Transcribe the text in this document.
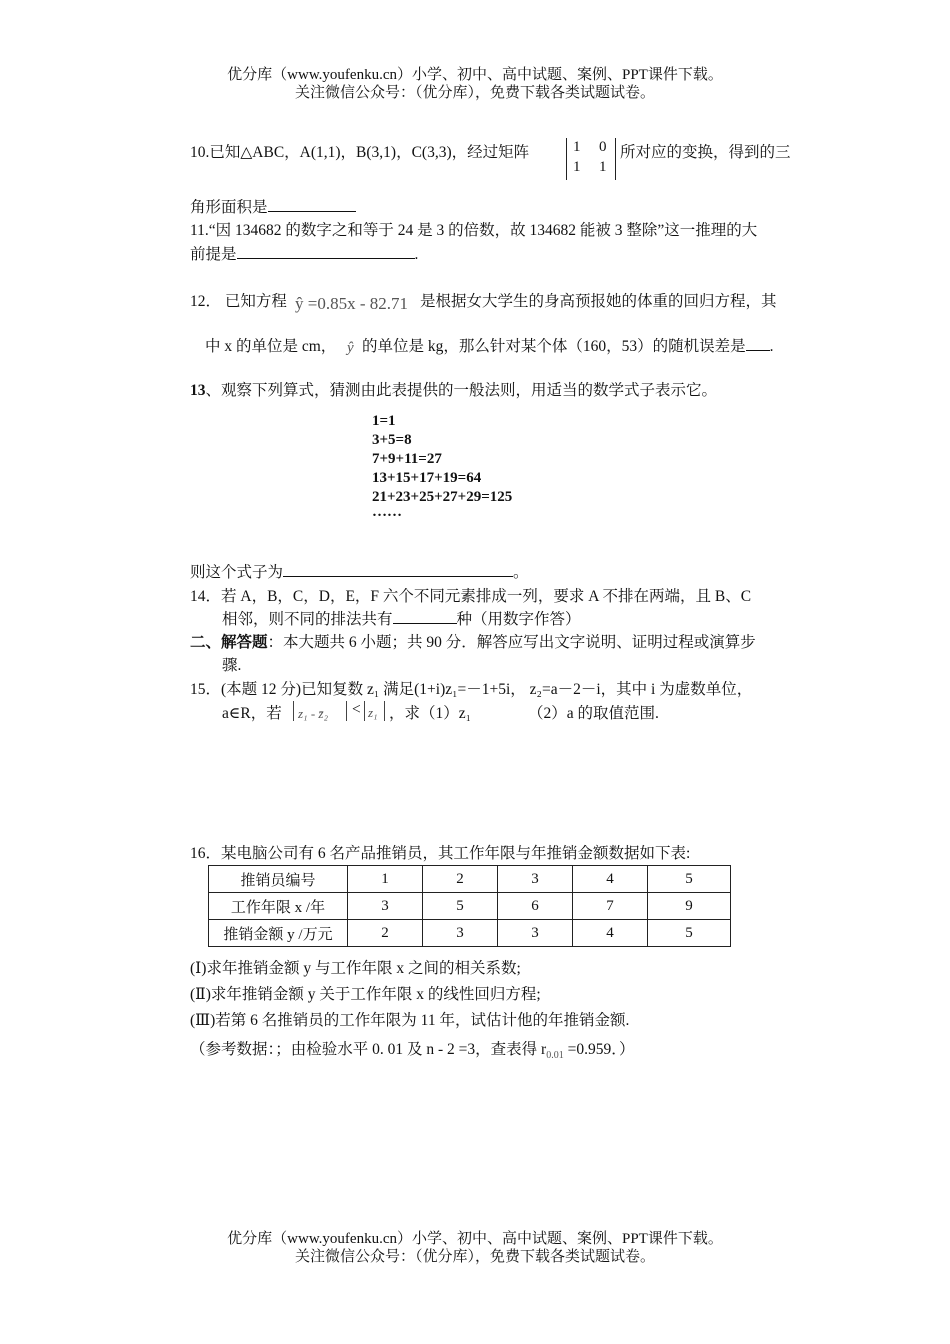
优分库（www.youfenku.cn）小学、初中、高中试题、案例、PPT课件下载。
关注微信公众号：（优分库），免费下载各类试题试卷。
10.已知△ABC，A(1,1)，B(3,1)，C(3,3)，经过矩阵	1 0
1 1
所对应的变换，得到的三
角形面积是
11.“因 134682 的数字之和等于 24 是 3 的倍数，故 134682 能被 3 整除”这一推理的大
前提是	.
12． 已知方程 ŷ =0.85x - 82.71 是根据女大学生的身高预报她的体重的回归方程，其
中 x 的单位是 cm， ŷ 的单位是 kg，那么针对某个体（160，53）的随机误差是 .
13、观察下列算式，猜测由此表提供的一般法则，用适当的数学式子表示它。
1=1
3+5=8
7+9+11=27
13+15+17+19=64
21+23+25+27+29=125
……
则这个式子为	。
14．若 A，B，C，D，E，F 六个不同元素排成一列，要求 A 不排在两端，且 B、C
相邻，则不同的排法共有	种（用数字作答）
二、解答题：本大题共 6 小题；共 90 分．解答应写出文字说明、证明过程或演算步
骤.
15．(本题 12 分)已知复数 z₁ 满足(1+i)z₁=－1+5i， z₂=a－2－i，其中 i 为虚数单位，
a∈R，若 z₁ - z̄₂ < z₁ ，求（1）z₁	（2）a 的取值范围.
16．某电脑公司有 6 名产品推销员，其工作年限与年推销金额数据如下表:
推销员编号	1	2	3	4	5
工作年限 x /年	3	5	6	7	9
推销金额 y /万元	2	3	3	4	5
(Ⅰ)求年推销金额 y 与工作年限 x 之间的相关系数;
(Ⅱ)求年推销金额 y 关于工作年限 x 的线性回归方程;
(Ⅲ)若第 6 名推销员的工作年限为 11 年，试估计他的年推销金额.
（参考数据：；由检验水平 0. 01 及 n - 2 =3，查表得 $r_{0.01} =0.959$．）
优分库（www.youfenku.cn）小学、初中、高中试题、案例、PPT课件下载。
关注微信公众号：（优分库），免费下载各类试题试卷。
